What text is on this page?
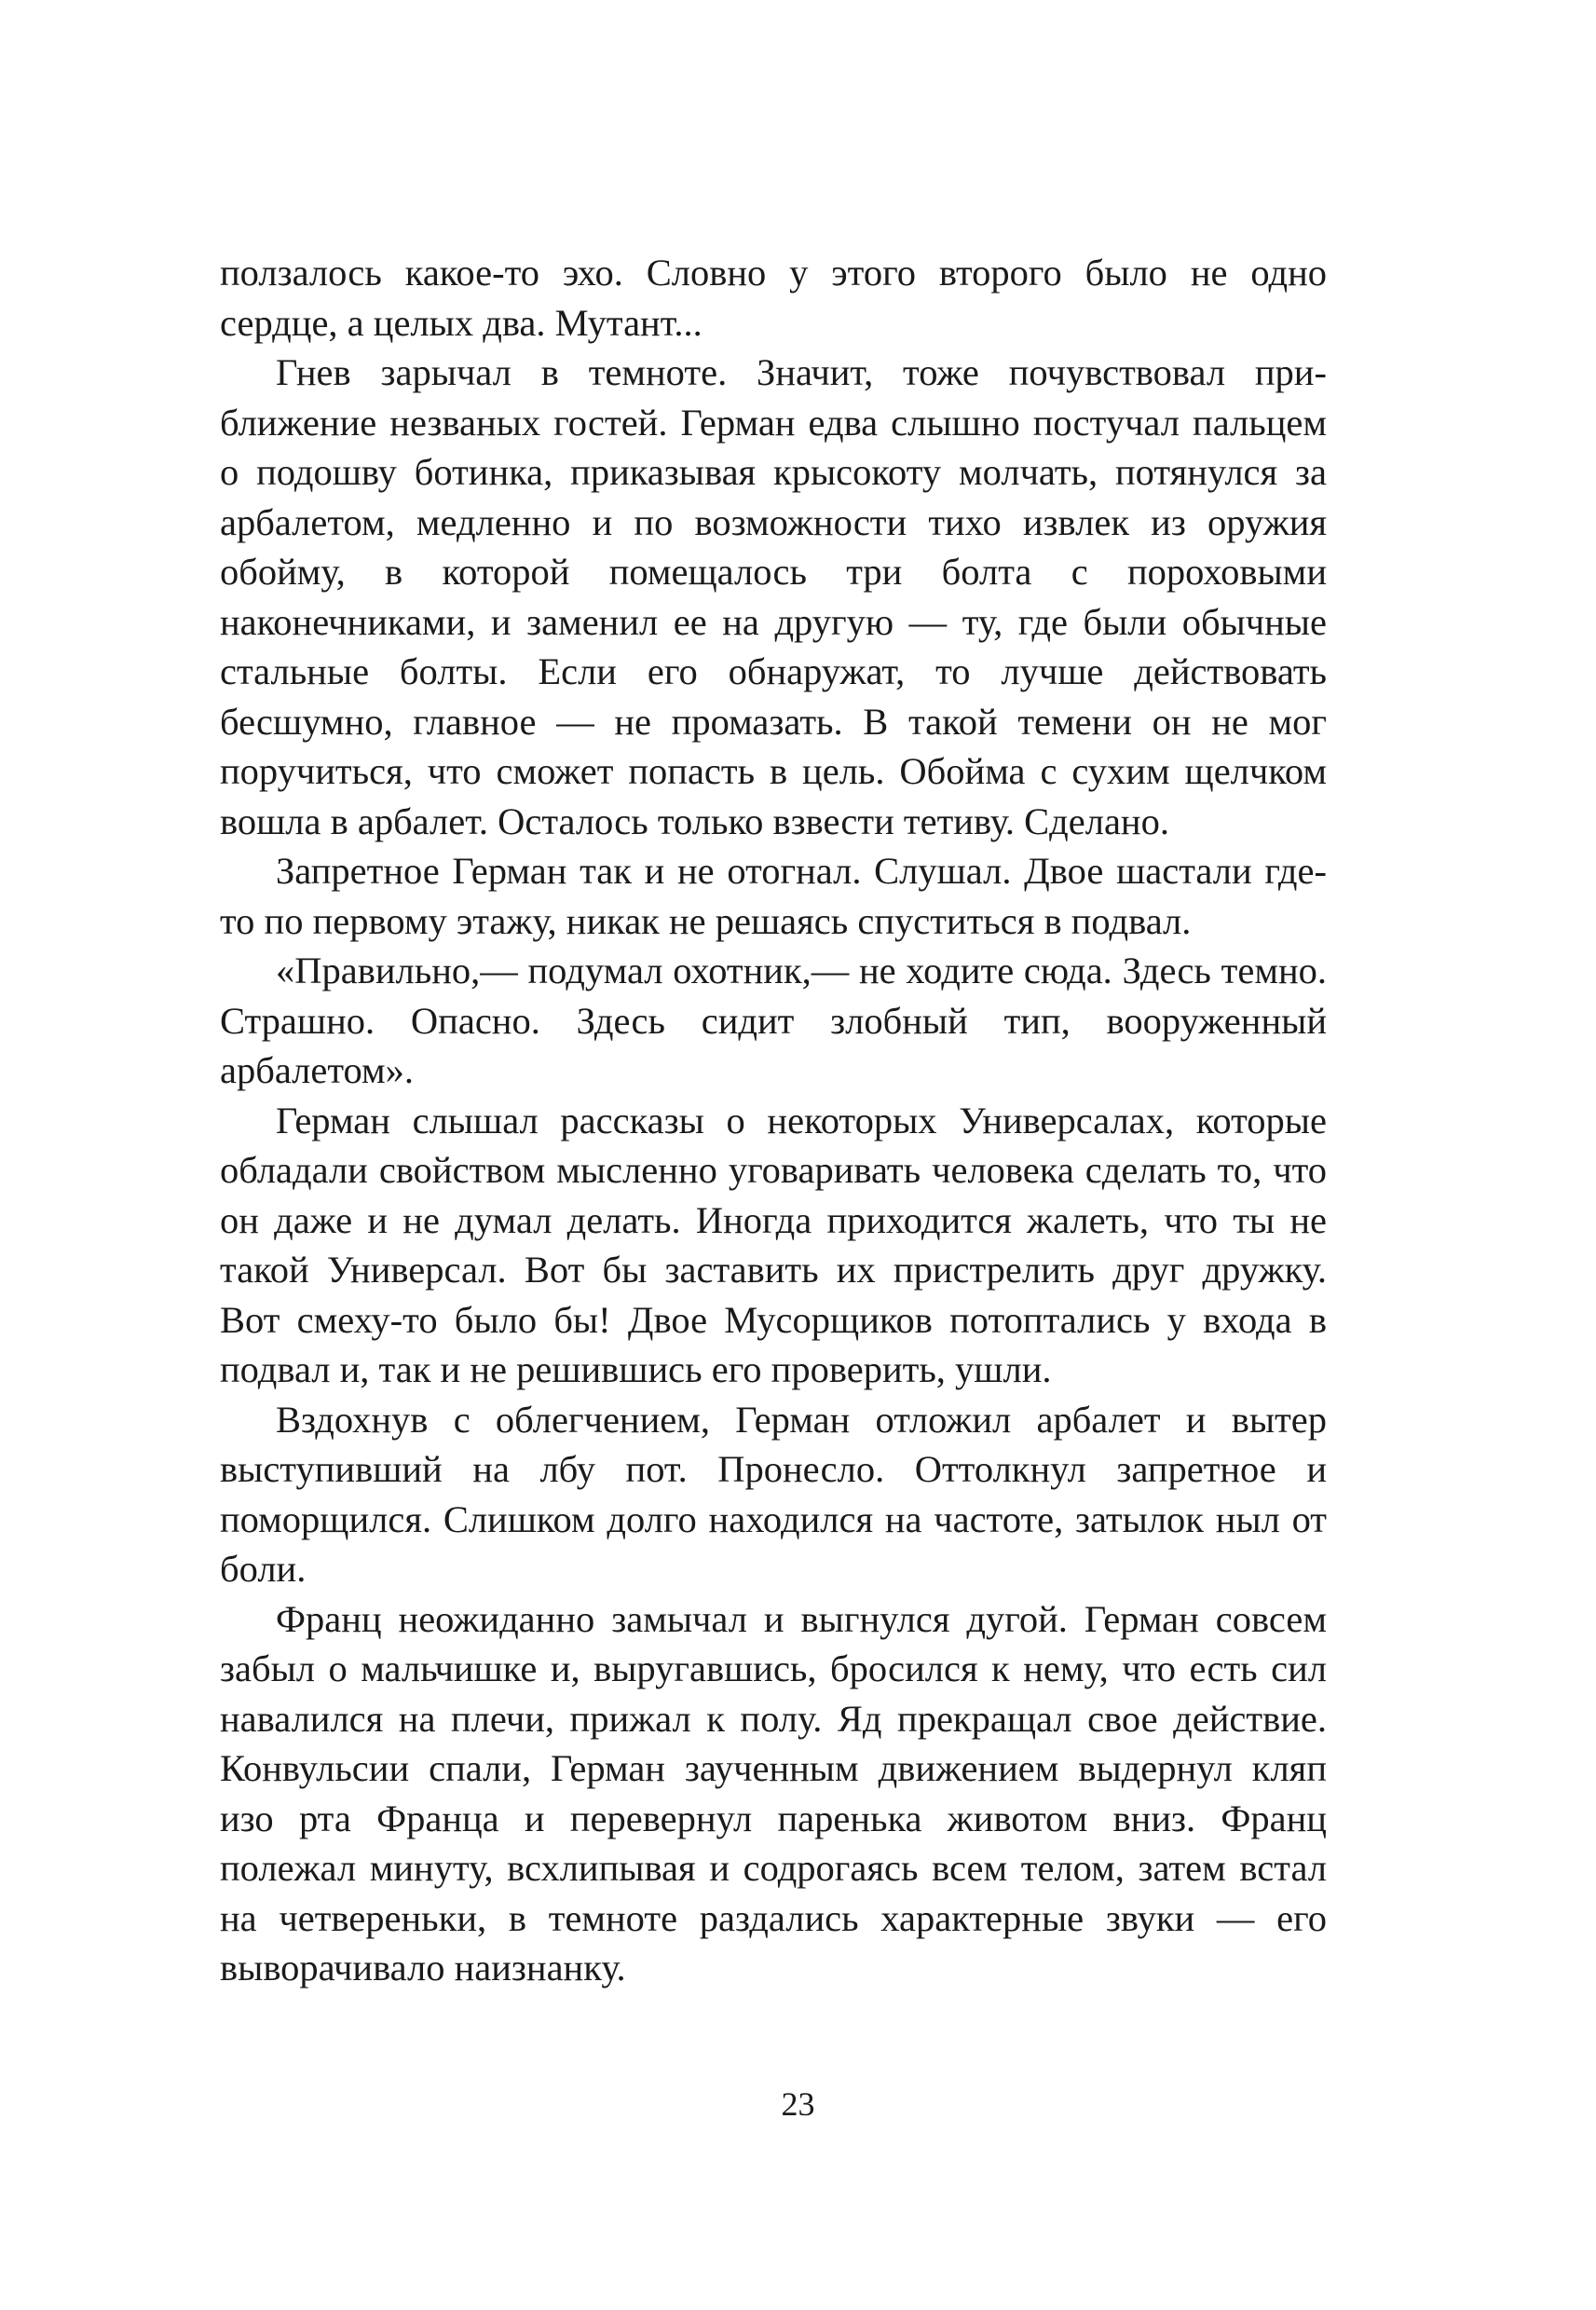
ползалось какое-то эхо. Словно у этого второго было не одно сердце, а целых два. Мутант...

Гнев зарычал в темноте. Значит, тоже почувствовал приближение незваных гостей. Герман едва слышно постучал пальцем о подошву ботинка, приказывая крысокоту молчать, потянулся за арбалетом, медленно и по возможности тихо извлек из оружия обойму, в которой помещалось три болта с пороховыми наконечниками, и заменил ее на другую — ту, где были обычные стальные болты. Если его обнаружат, то лучше действовать бесшумно, главное — не промазать. В такой темени он не мог поручиться, что сможет попасть в цель. Обойма с сухим щелчком вошла в арбалет. Осталось только взвести тетиву. Сделано.

Запретное Герман так и не отогнал. Слушал. Двое шастали где-то по первому этажу, никак не решаясь спуститься в подвал.

«Правильно,— подумал охотник,— не ходите сюда. Здесь темно. Страшно. Опасно. Здесь сидит злобный тип, вооруженный арбалетом».

Герман слышал рассказы о некоторых Универсалах, которые обладали свойством мысленно уговаривать человека сделать то, что он даже и не думал делать. Иногда приходится жалеть, что ты не такой Универсал. Вот бы заставить их пристрелить друг дружку. Вот смеху-то было бы! Двое Мусорщиков потоптались у входа в подвал и, так и не решившись его проверить, ушли.

Вздохнув с облегчением, Герман отложил арбалет и вытер выступивший на лбу пот. Пронесло. Оттолкнул запретное и поморщился. Слишком долго находился на частоте, затылок ныл от боли.

Франц неожиданно замычал и выгнулся дугой. Герман совсем забыл о мальчишке и, выругавшись, бросился к нему, что есть сил навалился на плечи, прижал к полу. Яд прекращал свое действие. Конвульсии спали, Герман заученным движением выдернул кляп изо рта Франца и перевернул паренька животом вниз. Франц полежал минуту, всхлипывая и содрогаясь всем телом, затем встал на четвереньки, в темноте раздались характерные звуки — его выворачивало наизнанку.

23
